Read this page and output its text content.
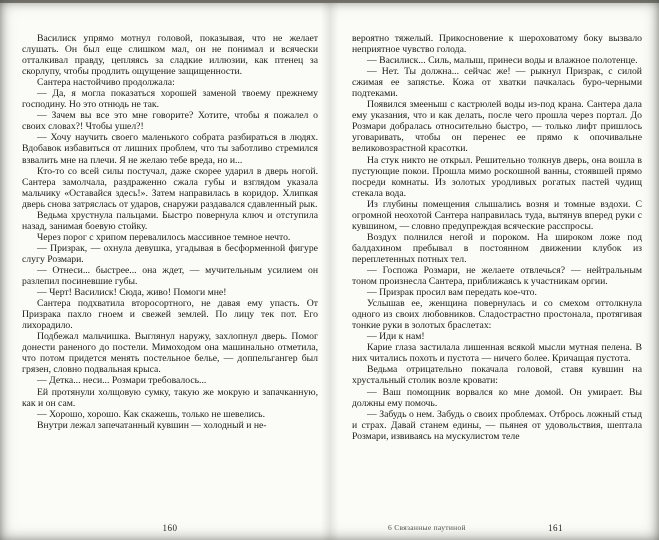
Василиск упрямо мотнул головой, показывая, что не желает слушать. Он был еще слишком мал, он не понимал и всячески отталкивал правду, цепляясь за сладкие иллюзии, как птенец за скорлупу, чтобы продлить ощущение защищенности.

Сантера настойчиво продолжала:

— Да, я могла показаться хорошей заменой твоему прежнему господину. Но это отнюдь не так.

— Зачем вы все это мне говорите? Хотите, чтобы я пожалел о своих словах?! Чтобы ушел?!

— Хочу научить своего маленького собрата разбираться в людях. Вдобавок избавиться от лишних проблем, что ты заботливо стремился взвалить мне на плечи. Я не желаю тебе вреда, но и...

Кто-то со всей силы постучал, даже скорее ударил в дверь ногой. Сантера замолчала, раздраженно сжала губы и взглядом указала мальчику «Оставайся здесь!». Затем направилась в коридор. Хлипкая дверь снова затряслась от ударов, снаружи раздавался сдавленный рык.

Ведьма хрустнула пальцами. Быстро повернула ключ и отступила назад, занимая боевую стойку.

Через порог с хрипом перевалилось массивное темное нечто.

— Призрак, — охнула девушка, угадывая в бесформенной фигуре слугу Розмари.

— Отнеси... быстрее... она ждет, — мучительным усилием он разлепил посиневшие губы.

— Черт! Василиск! Сюда, живо! Помоги мне!

Сантера подхватила второсортного, не давая ему упасть. От Призрака пахло гноем и свежей землей. По лицу тек пот. Его лихорадило.

Подбежал мальчишка. Выглянул наружу, захлопнул дверь. Помог донести раненого до постели. Мимоходом она машинально отметила, что потом придется менять постельное белье, — доппельгангер был грязен, словно подвальная крыса.

— Детка... неси... Розмари требовалось...

Ей протянули холщовую сумку, такую же мокрую и запачканную, как и он сам.

— Хорошо, хорошо. Как скажешь, только не шевелись.

Внутри лежал запечатанный кувшин — холодный и не-

160

вероятно тяжелый. Прикосновение к шероховатому боку вызвало неприятное чувство голода.

— Василиск... Силь, малыш, принеси воды и влажное полотенце.

— Нет. Ты должна... сейчас же! — рыкнул Призрак, с силой сжимая ее запястье. Кожа от хватки пачкалась буро-черными подтеками.

Появился змееныш с кастрюлей воды из-под крана. Сантера дала ему указания, что и как делать, после чего прошла через портал. До Розмари добралась относительно быстро, — только лифт пришлось уговаривать, чтобы он перенес ее прямо к опочивальне великовозрастной красотки.

На стук никто не открыл. Решительно толкнув дверь, она вошла в пустующие покои. Прошла мимо роскошной ванны, стоявшей прямо посреди комнаты. Из золотых уродливых рогатых пастей чудищ стекала вода.

Из глубины помещения слышались возня и томные вздохи. С огромной неохотой Сантера направилась туда, вытянув вперед руки с кувшином, — словно предупреждая всяческие расспросы.

Воздух полнился негой и пороком. На широком ложе под балдахином пребывал в постоянном движении клубок из переплетенных потных тел.

— Госпожа Розмари, не желаете отвлечься? — нейтральным тоном произнесла Сантера, приближаясь к участникам оргии.

— Призрак просил вам передать кое-что.

Услышав ее, женщина повернулась и со смехом оттолкнула одного из своих любовников. Сладострастно простонала, протягивая тонкие руки в золотых браслетах:

— Иди к нам!

Карие глаза застилала лишенная всякой мысли мутная пелена. В них читались похоть и пустота — ничего более. Кричащая пустота.

Ведьма отрицательно покачала головой, ставя кувшин на хрустальный столик возле кровати:

— Ваш помощник ворвался ко мне домой. Он умирает. Вы должны ему помочь.

— Забудь о нем. Забудь о своих проблемах. Отбрось ложный стыд и страх. Давай станем едины, — пьянея от удовольствия, шептала Розмари, извиваясь на мускулистом теле

6 Связанные паутиной	161
